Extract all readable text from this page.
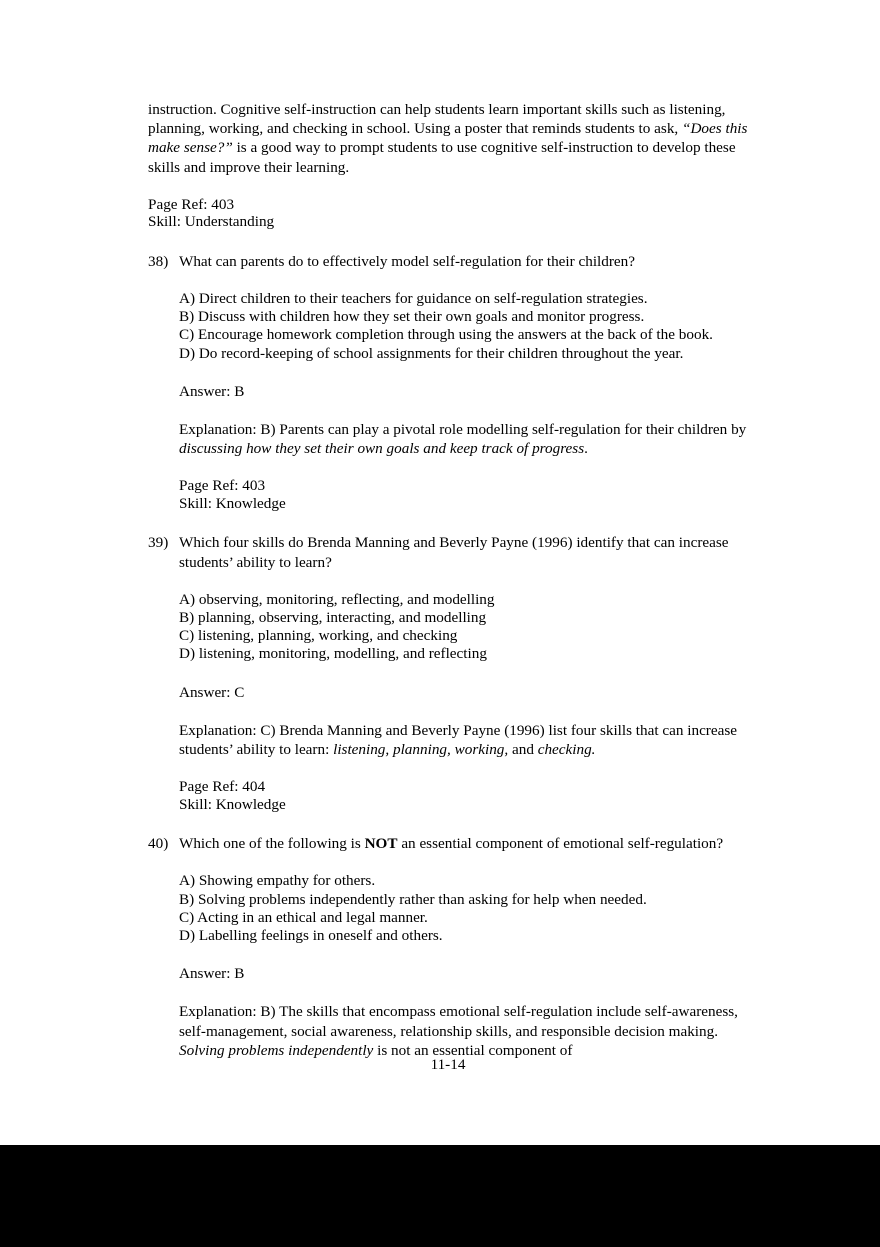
instruction. Cognitive self-instruction can help students learn important skills such as listening, planning, working, and checking in school. Using a poster that reminds students to ask, “Does this make sense?” is a good way to prompt students to use cognitive self-instruction to develop these skills and improve their learning.

Page Ref: 403
Skill: Understanding
38) What can parents do to effectively model self-regulation for their children?
A) Direct children to their teachers for guidance on self-regulation strategies.
B) Discuss with children how they set their own goals and monitor progress.
C) Encourage homework completion through using the answers at the back of the book.
D) Do record-keeping of school assignments for their children throughout the year.
Answer: B
Explanation: B) Parents can play a pivotal role modelling self-regulation for their children by discussing how they set their own goals and keep track of progress.
Page Ref: 403
Skill: Knowledge
39) Which four skills do Brenda Manning and Beverly Payne (1996) identify that can increase students’ ability to learn?
A) observing, monitoring, reflecting, and modelling
B) planning, observing, interacting, and modelling
C) listening, planning, working, and checking
D) listening, monitoring, modelling, and reflecting
Answer: C
Explanation: C) Brenda Manning and Beverly Payne (1996) list four skills that can increase students’ ability to learn: listening, planning, working, and checking.
Page Ref: 404
Skill: Knowledge
40) Which one of the following is NOT an essential component of emotional self-regulation?
A) Showing empathy for others.
B) Solving problems independently rather than asking for help when needed.
C) Acting in an ethical and legal manner.
D) Labelling feelings in oneself and others.
Answer: B
Explanation: B) The skills that encompass emotional self-regulation include self-awareness, self-management, social awareness, relationship skills, and responsible decision making. Solving problems independently is not an essential component of
11-14
